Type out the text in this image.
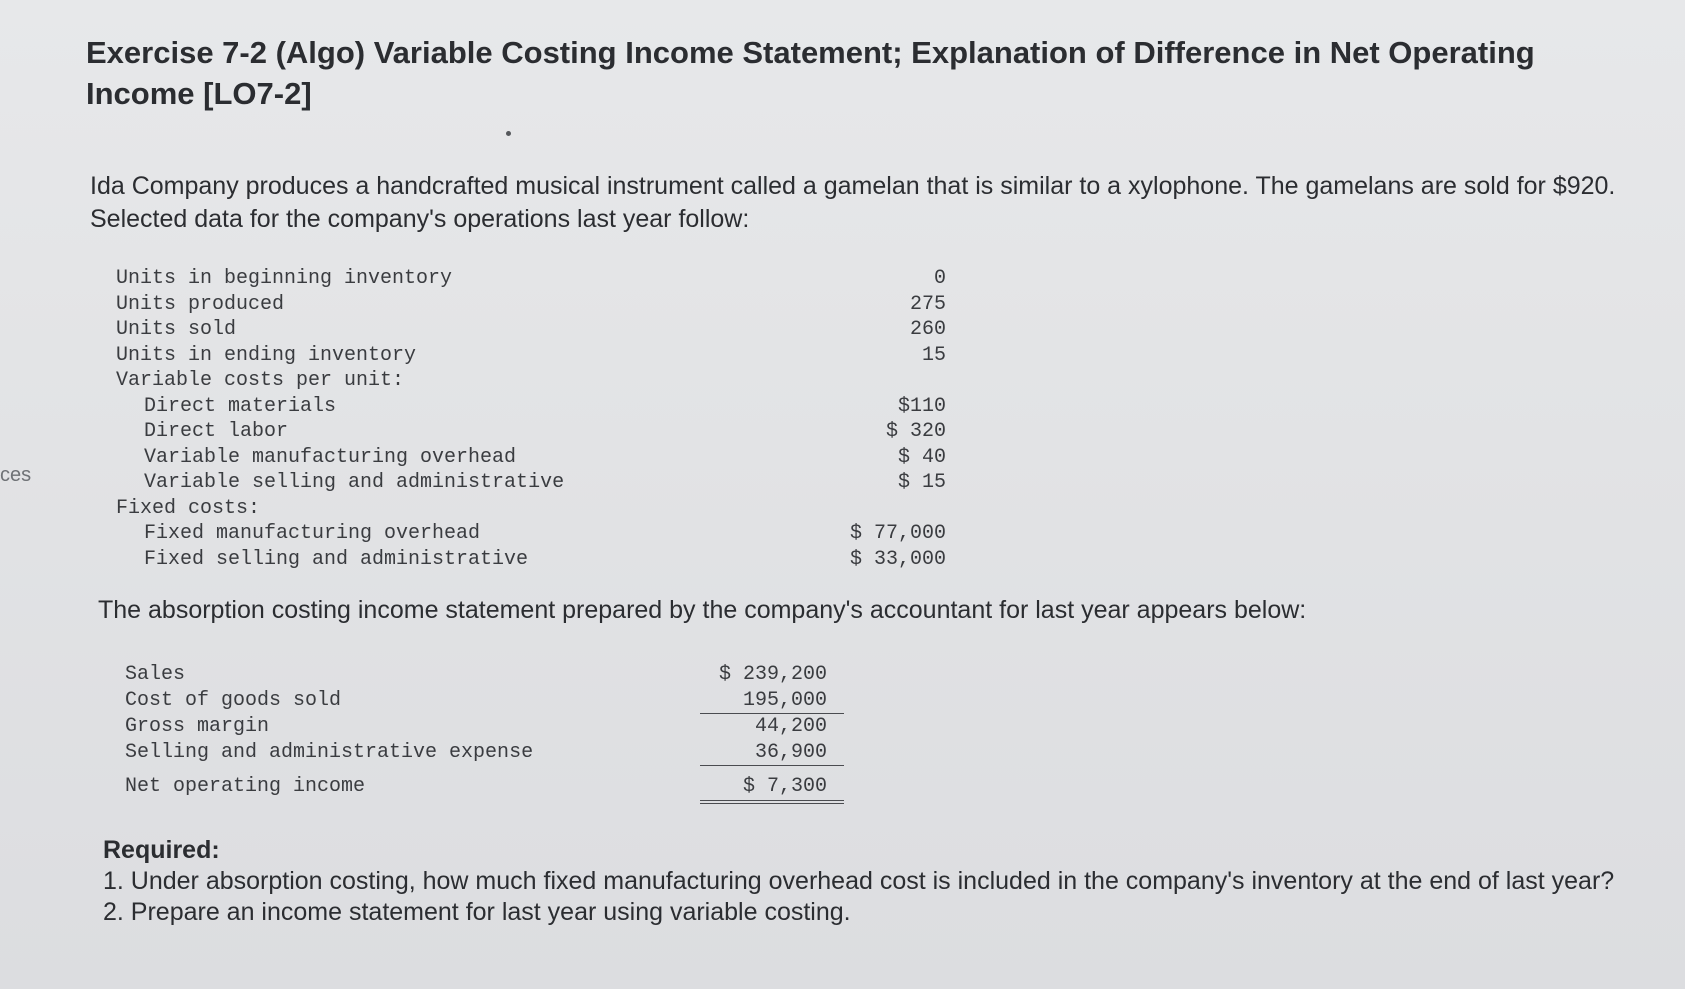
ces
Exercise 7-2 (Algo) Variable Costing Income Statement; Explanation of Difference in Net Operating Income [LO7-2]

Ida Company produces a handcrafted musical instrument called a gamelan that is similar to a xylophone. The gamelans are sold for $920. Selected data for the company's operations last year follow:

Units in beginning inventory	0
Units produced	275
Units sold	260
Units in ending inventory	15
Variable costs per unit:
Direct materials	$110
Direct labor	$ 320
Variable manufacturing overhead	$ 40
Variable selling and administrative	$ 15
Fixed costs:
Fixed manufacturing overhead	$ 77,000
Fixed selling and administrative	$ 33,000

The absorption costing income statement prepared by the company's accountant for last year appears below:

Sales	$ 239,200
Cost of goods sold	195,000
Gross margin	44,200
Selling and administrative expense	36,900
Net operating income	$ 7,300

Required:

1. Under absorption costing, how much fixed manufacturing overhead cost is included in the company's inventory at the end of last year?

2. Prepare an income statement for last year using variable costing.
